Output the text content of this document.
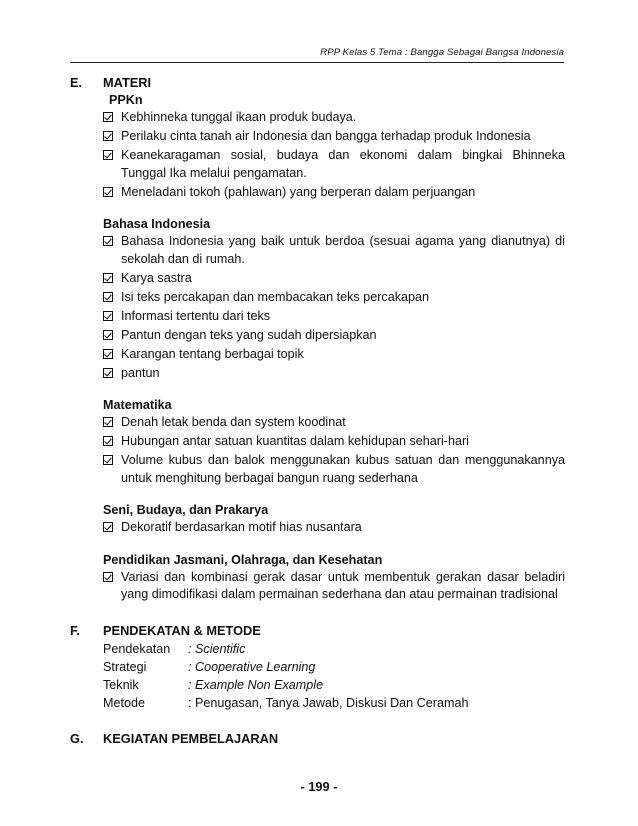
RPP Kelas 5 Tema : Bangga Sebagai Bangsa Indonesia
E. MATERI
PPKn
Kebhinneka tunggal ikaan produk budaya.
Perilaku cinta tanah air Indonesia dan bangga terhadap produk Indonesia
Keanekaragaman sosial, budaya dan ekonomi dalam bingkai Bhinneka Tunggal Ika melalui pengamatan.
Meneladani tokoh (pahlawan) yang berperan dalam perjuangan
Bahasa Indonesia
Bahasa Indonesia yang baik untuk berdoa (sesuai agama yang dianutnya) di sekolah dan di rumah.
Karya sastra
Isi teks percakapan dan membacakan teks percakapan
Informasi tertentu dari teks
Pantun dengan teks yang sudah dipersiapkan
Karangan tentang berbagai topik
pantun
Matematika
Denah letak benda dan system koodinat
Hubungan antar satuan kuantitas dalam kehidupan sehari-hari
Volume kubus dan balok menggunakan kubus satuan dan menggunakannya untuk menghitung berbagai bangun ruang sederhana
Seni, Budaya, dan Prakarya
Dekoratif berdasarkan motif hias nusantara
Pendidikan Jasmani, Olahraga, dan Kesehatan
Variasi dan kombinasi gerak dasar untuk membentuk gerakan dasar beladiri yang dimodifikasi dalam permainan sederhana dan atau permainan tradisional
F. PENDEKATAN & METODE
Pendekatan	: Scientific
Strategi	: Cooperative Learning
Teknik	: Example Non Example
Metode	: Penugasan, Tanya Jawab, Diskusi Dan Ceramah
G. KEGIATAN PEMBELAJARAN
- 199 -
